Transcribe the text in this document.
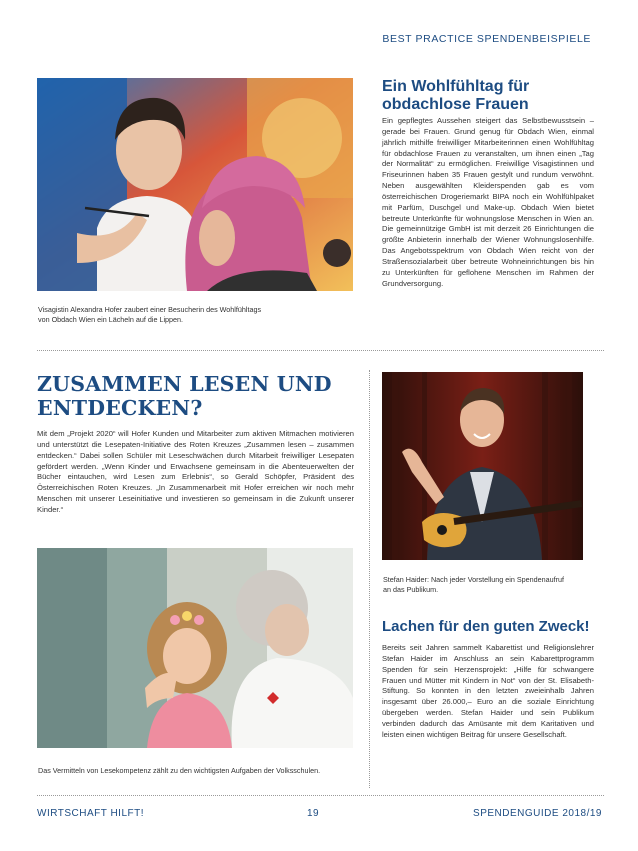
BEST PRACTICE SPENDENBEISPIELE
Visagistin Alexandra Hofer zaubert einer Besucherin des Wohlfühltags
von Obdach Wien ein Lächeln auf die Lippen.
Ein Wohlfühltag für
obdachlose Frauen
Ein gepflegtes Aussehen steigert das Selbstbewusstsein – gerade bei Frauen. Grund genug für Obdach Wien, einmal jährlich mithilfe freiwilliger Mitarbeiterinnen einen Wohlfühltag für obdachlose Frauen zu veranstalten, um ihnen einen „Tag der Normalität“ zu ermöglichen. Freiwillige Visagistinnen und Friseurinnen haben 35 Frauen gestylt und rundum verwöhnt. Neben ausgewählten Kleiderspenden gab es vom österreichischen Drogeriemarkt BIPA noch ein Wohlfühlpaket mit Parfüm, Duschgel und Make-up. Obdach Wien bietet betreute Unterkünfte für wohnungslose Menschen in Wien an. Die gemeinnützige GmbH ist mit derzeit 26 Einrichtungen die größte Anbieterin innerhalb der Wiener Wohnungslosenhilfe. Das Angebotsspektrum von Obdach Wien reicht von der Straßensozialarbeit über betreute Wohneinrichtungen bis hin zu Unterkünften für geflohene Menschen im Rahmen der Grundversorgung.
ZUSAMMEN LESEN UND
ENTDECKEN?
Mit dem „Projekt 2020“ will Hofer Kunden und Mitarbeiter zum aktiven Mitmachen motivieren und unterstützt die Lesepaten-Initiative des Roten Kreuzes „Zusammen lesen – zusammen entdecken.“ Dabei sollen Schüler mit Leseschwächen durch Mitarbeit freiwilliger Lesepaten gefördert werden. „Wenn Kinder und Erwachsene gemeinsam in die Abenteuerwelten der Bücher eintauchen, wird Lesen zum Erlebnis“, so Gerald Schöpfer, Präsident des Österreichischen Roten Kreuzes. „In Zusammenarbeit mit Hofer erreichen wir noch mehr Menschen mit unserer Leseinitiative und investieren so gemeinsam in die Zukunft unserer Kinder.“
Das Vermitteln von Lesekompetenz zählt zu den wichtigsten Aufgaben der Volksschulen.
Stefan Haider: Nach jeder Vorstellung ein Spendenaufruf
an das Publikum.
Lachen für den guten Zweck!
Bereits seit Jahren sammelt Kabarettist und Religionslehrer Stefan Haider im Anschluss an sein Kabarettprogramm Spenden für sein Herzensprojekt: „Hilfe für schwangere Frauen und Mütter mit Kindern in Not“ von der St. Elisabeth-Stiftung. So konnten in den letzten zweieinhalb Jahren insgesamt über 26.000,– Euro an die soziale Einrichtung übergeben werden. Stefan Haider und sein Publikum verbinden dadurch das Amüsante mit dem Karitativen und leisten einen wichtigen Beitrag für unsere Gesellschaft.
WIRTSCHAFT HILFT!	19	SPENDENGUIDE 2018/19
